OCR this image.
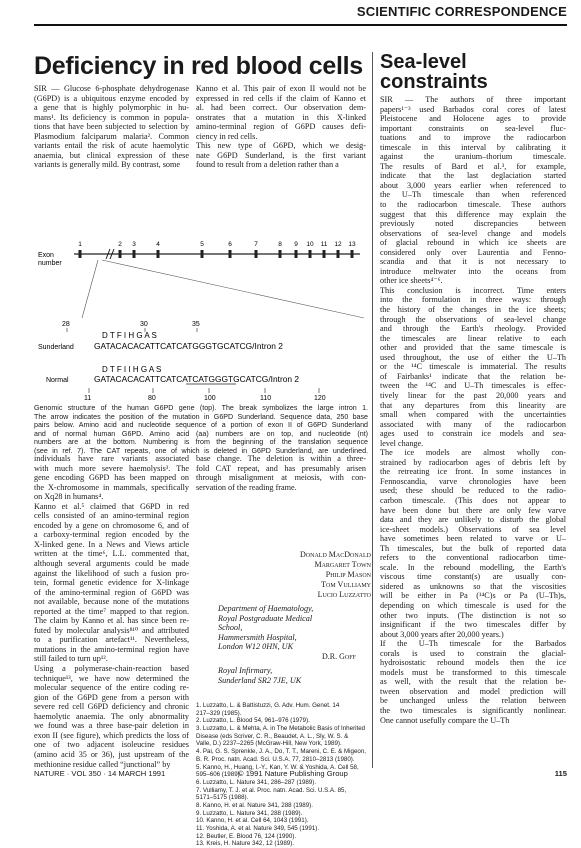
SCIENTIFIC CORRESPONDENCE
Deficiency in red blood cells Sea-level
constraints
SIR — Glucose 6-phosphate dehydrogenase
(G6PD) is a ubiquitous enzyme encoded by
a gene that is highly polymorphic in hu-
mans¹. Its deficiency is common in popula-
tions that have been subjected to selection by
Plasmodium falciparum malaria². Common
variants entail the risk of acute haemolytic
anaemia, but clinical expression of these
variants is generally mild. By contrast, some
Kanno et al. This pair of exon II would not be
expressed in red cells if the claim of Kanno et
al. had been correct. Our observation dem-
onstrates that a mutation in this X-linked
amino-terminal region of G6PD causes defi-
ciency in red cells.
This new type of G6PD, which we desig-
nate G6PD Sunderland, is the first variant
found to result from a deletion rather than a
SIR — The authors of three important
papers¹⁻³ used Barbados coral cores of latest
Pleistocene and Holocene ages to provide
important constraints on sea-level fluc-
tuations and to improve the radiocarbon
timescale in this interval by calibrating it
against the uranium–thorium timescale.
The results of Bard et al.³, for example,
indicate that the last deglaciation started
about 3,000 years earlier when referenced to
the U–Th timescale than when referenced
to the radiocarbon timescale. These authors
suggest that this difference may explain the
previously noted discrepancies between
observations of sea-level change and models
of glacial rebound in which ice sheets are
considered only over Laurentia and Fenno-
scandia and that it is not necessary to
introduce meltwater into the oceans from
other ice sheets⁴⁻⁶.
This conclusion is incorrect. Time enters
into the formulation in three ways: through
the history of the changes in the ice sheets;
through the observations of sea-level change
and through the Earth's rheology. Provided
the timescales are linear relative to each
other and provided that the same timescale is
used throughout, the use of either the U–Th
or the ¹⁴C timescale is immaterial. The results
of Fairbanks¹ indicate that the relation be-
tween the ¹⁴C and U–Th timescales is effec-
tively linear for the past 20,000 years and
that any departures from this linearity are
small when compared with the uncertainties
associated with many of the radiocarbon
ages used to constrain ice models and sea-
level change.
The ice models are almost wholly con-
strained by radiocarbon ages of debris left by
the retreating ice front. In some instances in
Fennoscandia, varve chronologies have been
used; these should be reduced to the radio-
carbon timescale. (This does not appear to
have been done but there are only few varve
data and they are unlikely to disturb the global
ice-sheet models.) Observations of sea level
have sometimes been related to varve or U–
Th timescales, but the bulk of reported data
refers to the conventional radiocarbon time-
scale. In the rebound modelling, the Earth's
viscous time constant(s) are usually con-
sidered as unknowns so that the viscosities
will be either in Pa (¹⁴C)s or Pa (U–Th)s,
depending on which timescale is used for the
other two inputs. (The distinction is not so
insignificant if the two timescales differ by
about 3,000 years after 20,000 years.)
If the U–Th timescale for the Barbados
corals is used to constrain the glacial-
hydroisostatic rebound models then the ice
models must be transformed to this timescale
as well, with the result that the relation be-
tween observation and model prediction will
be unchanged unless the relation between
the two timescales is significantly nonlinear.
One cannot usefully compare the U–Th
Exon
number
1	2 3	4	5	6	7	8 9 10 11 12 13
28	30	35
Sunderland
D T F I H G A S
GATACACACATTCATCATGGGTGCATCG/Intron 2
Normal
D T F I I H G A S
GATACACACATTCATCATCATGGGTGCATCG/Intron 2
11	80	100	110	120
Genomic structure of the human G6PD gene (top). The break symbolizes the large intron 1.
The arrow indicates the position of the mutation in G6PD Sunderland. Sequence data, 250 base
pairs below. Amino acid and nucleotide sequence of a portion of exon II of G6PD Sunderland
and of normal human G6PD. Amino acid (aa) numbers are on top, and nucleotide (nt)
numbers are at the bottom. Numbering is from the beginning of the translation sequence
(see in ref. 7). The CAT repeats, one of which is deleted in G6PD Sunderland, are underlined.
individuals have rare variants associated
with much more severe haemolysis³. The
gene encoding G6PD has been mapped on
the X-chromosome in mammals, specifically
on Xq28 in humans⁴.
Kanno et al.⁵ claimed that G6PD in red
cells consisted of an amino-terminal region
encoded by a gene on chromosome 6, and of
a carboxy-terminal region encoded by the
X-linked gene. In a News and Views article
written at the time⁶, L.L. commented that,
although several arguments could be made
against the likelihood of such a fusion pro-
tein, formal genetic evidence for X-linkage
of the amino-terminal region of G6PD was
not available, because none of the mutations
reported at the time⁷ mapped to that region.
The claim by Kanno et al. has since been re-
futed by molecular analysis⁸¹⁰ and attributed
to a purification artefact¹¹. Nevertheless,
mutations in the amino-terminal region have
still failed to turn up¹².
Using a polymerase-chain-reaction based
technique¹³, we have now determined the
molecular sequence of the entire coding re-
gion of the G6PD gene from a person with
severe red cell G6PD deficiency and chronic
haemolytic anaemia. The only abnormality
we found was a three base-pair deletion in
exon II (see figure), which predicts the loss of
one of two adjacent isoleucine residues
(amino acid 35 or 36), just upstream of the
methionine residue called “junctional” by
base change. The deletion is within a three-
fold CAT repeat, and has presumably arisen
through misalignment at meiosis, with con-
servation of the reading frame.
Donald MacDonald
Margaret Town
Philip Mason
Tom Vulliamy
Lucio Luzzatto
Department of Haematology,
Royal Postgraduate Medical
School,
Hammersmith Hospital,
London W12 0HN, UK
D.R. Goff
Royal Infirmary,
Sunderland SR2 7JE, UK
1. Luzzatto, L. & Battistuzzi, G. Adv. Hum. Genet. 14
217–329 (1985).
2. Luzzatto, L. Blood 54, 961–976 (1979).
3. Luzzatto, L. & Mehta, A. in The Metabolic Basis of Inherited
Disease (eds Scriver, C. R., Beaudet, A. L., Sly, W. S. &
Valle, D.) 2237–2265 (McGraw-Hill, New York, 1989).
4. Pai, G. S. Sprenkle, J. A., Do, T. T., Mareni, C. E. & Migeon,
B. R. Proc. natn. Acad. Sci. U.S.A. 77, 2810–2813 (1980).
5. Kanno, H., Huang, I.-Y., Kan, Y. W. & Yoshida, A. Cell 58,
595–606 (1989).
6. Luzzatto, L. Nature 341, 286–287 (1989).
7. Vulliamy, T. J. et al. Proc. natn. Acad. Sci. U.S.A. 85,
5171–5175 (1988).
8. Kanno, H. et al. Nature 341, 288 (1989).
9. Luzzatto, L. Nature 341, 288 (1989).
10. Kanno, H. et al. Cell 64, 1043 (1991).
11. Yoshida, A. et al. Nature 349, 545 (1991).
12. Beutler, E. Blood 76, 124 (1990).
13. Kreis, H. Nature 342, 12 (1989).
NATURE · VOL 350 · 14 MARCH 1991	© 1991 Nature Publishing Group	115
